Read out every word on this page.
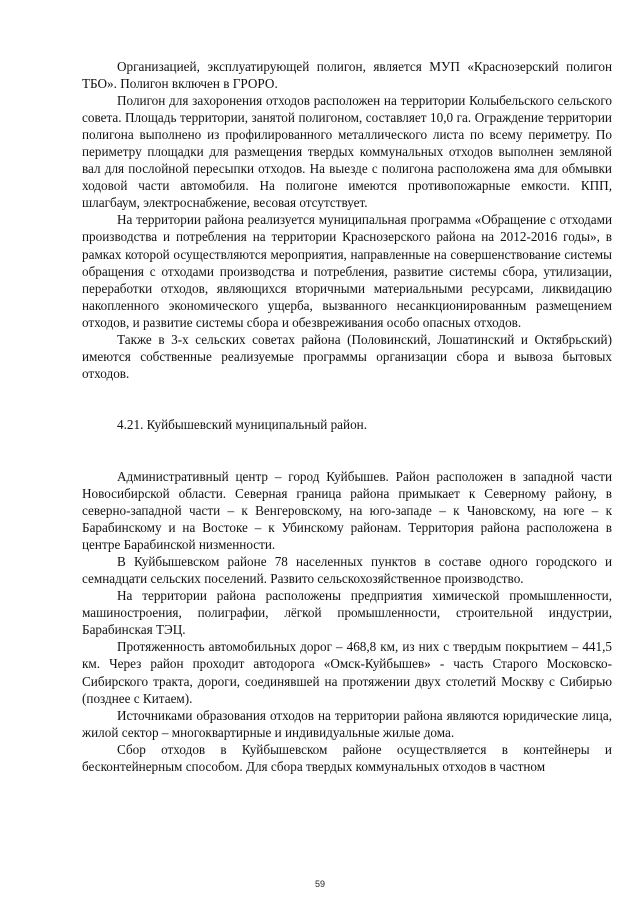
Организацией, эксплуатирующей полигон, является МУП «Краснозерский полигон ТБО». Полигон включен в ГРОРО.

Полигон для захоронения отходов расположен на территории Колыбельского сельского совета. Площадь территории, занятой полигоном, составляет 10,0 га. Ограждение территории полигона выполнено из профилированного металлического листа по всему периметру. По периметру площадки для размещения твердых коммунальных отходов выполнен земляной вал для послойной пересыпки отходов. На выезде с полигона расположена яма для обмывки ходовой части автомобиля. На полигоне имеются противопожарные емкости. КПП, шлагбаум, электроснабжение, весовая отсутствует.

На территории района реализуется муниципальная программа «Обращение с отходами производства и потребления на территории Краснозерского района на 2012-2016 годы», в рамках которой осуществляются мероприятия, направленные на совершенствование системы обращения с отходами производства и потребления, развитие системы сбора, утилизации, переработки отходов, являющихся вторичными материальными ресурсами, ликвидацию накопленного экономического ущерба, вызванного несанкционированным размещением отходов, и развитие системы сбора и обезвреживания особо опасных отходов.

Также в 3-х сельских советах района (Половинский, Лошатинский и Октябрьский) имеются собственные реализуемые программы организации сбора и вывоза бытовых отходов.

4.21. Куйбышевский муниципальный район.

Административный центр – город Куйбышев. Район расположен в западной части Новосибирской области. Северная граница района примыкает к Северному району, в северно-западной части – к Венгеровскому, на юго-западе – к Чановскому, на юге – к Барабинскому и на Востоке – к Убинскому районам. Территория района расположена в центре Барабинской низменности.

В Куйбышевском районе 78 населенных пунктов в составе одного городского и семнадцати сельских поселений. Развито сельскохозяйственное производство.

На территории района расположены предприятия химической промышленности, машиностроения, полиграфии, лёгкой промышленности, строительной индустрии, Барабинская ТЭЦ.

Протяженность автомобильных дорог – 468,8 км, из них с твердым покрытием – 441,5 км. Через район проходит автодорога «Омск-Куйбышев» - часть Старого Московско-Сибирского тракта, дороги, соединявшей на протяжении двух столетий Москву с Сибирью (позднее с Китаем).

Источниками образования отходов на территории района являются юридические лица, жилой сектор – многоквартирные и индивидуальные жилые дома.

Сбор отходов в Куйбышевском районе осуществляется в контейнеры и бесконтейнерным способом. Для сбора твердых коммунальных отходов в частном

59
